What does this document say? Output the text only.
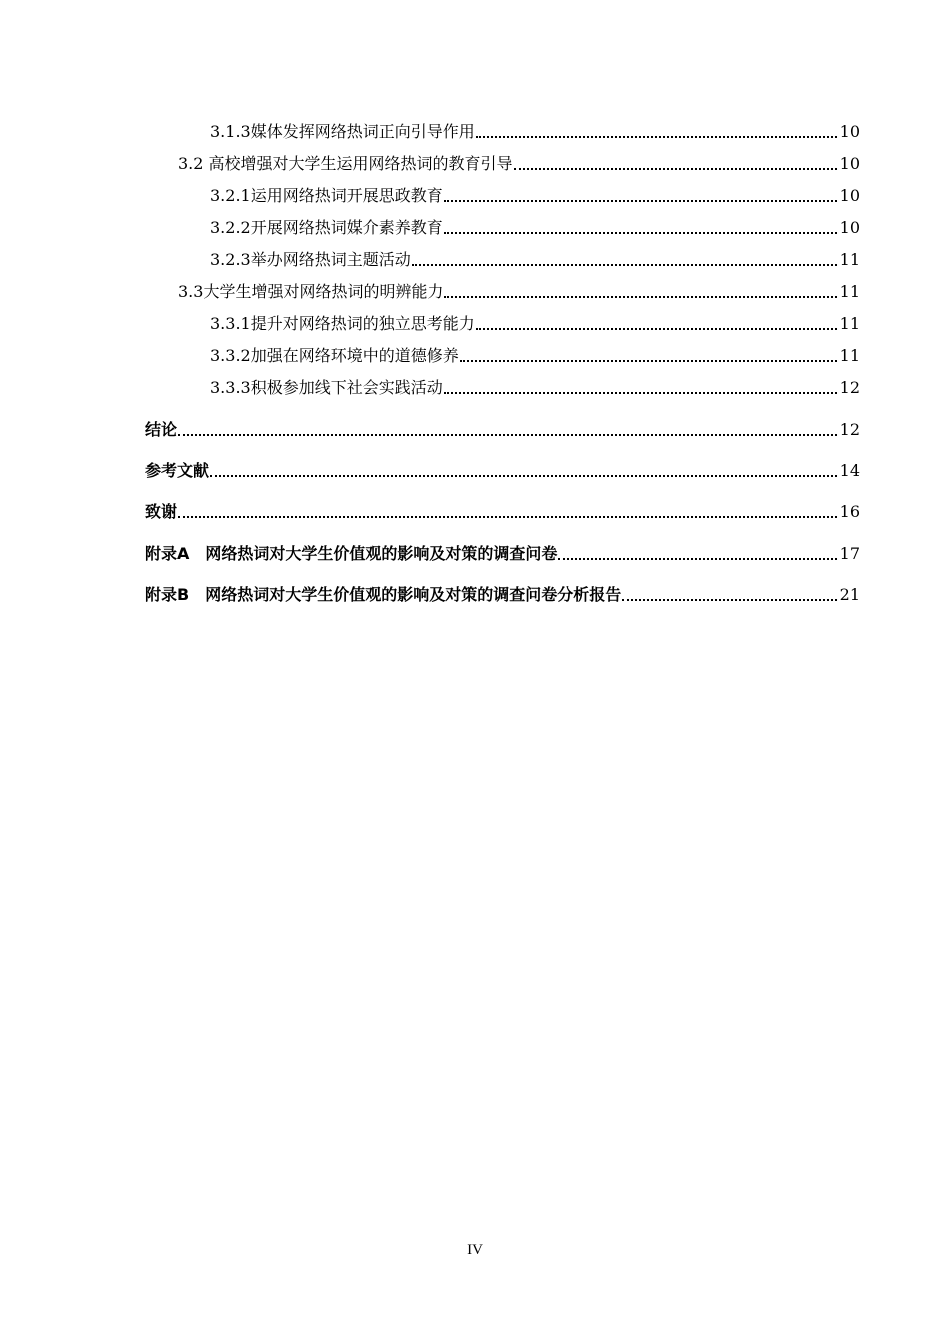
3.1.3媒体发挥网络热词正向引导作用	10
3.2 高校增强对大学生运用网络热词的教育引导	10
3.2.1运用网络热词开展思政教育	10
3.2.2开展网络热词媒介素养教育	10
3.2.3举办网络热词主题活动	11
3.3大学生增强对网络热词的明辨能力	11
3.3.1提升对网络热词的独立思考能力	11
3.3.2加强在网络环境中的道德修养	11
3.3.3积极参加线下社会实践活动	12
结论	12
参考文献	14
致谢	16
附录A　网络热词对大学生价值观的影响及对策的调查问卷	17
附录B　网络热词对大学生价值观的影响及对策的调查问卷分析报告	21
IV
